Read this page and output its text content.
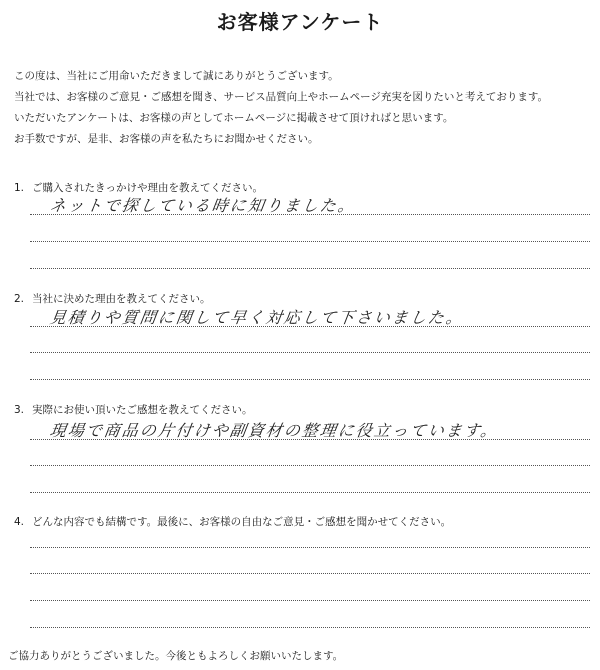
お客様アンケート
この度は、当社にご用命いただきまして誠にありがとうございます。
当社では、お客様のご意見・ご感想を聞き、サービス品質向上やホームページ充実を図りたいと考えております。
いただいたアンケートは、お客様の声としてホームページに掲載させて頂ければと思います。
お手数ですが、是非、お客様の声を私たちにお聞かせください。
1. ご購入されたきっかけや理由を教えてください。
ネットで探している時に知りました。
2. 当社に決めた理由を教えてください。
見積りや質問に関して早く対応して下さいました。
3. 実際にお使い頂いたご感想を教えてください。
現場で商品の片付けや副資材の整理に役立っています。
4. どんな内容でも結構です。最後に、お客様の自由なご意見・ご感想を聞かせてください。
ご協力ありがとうございました。今後ともよろしくお願いいたします。
